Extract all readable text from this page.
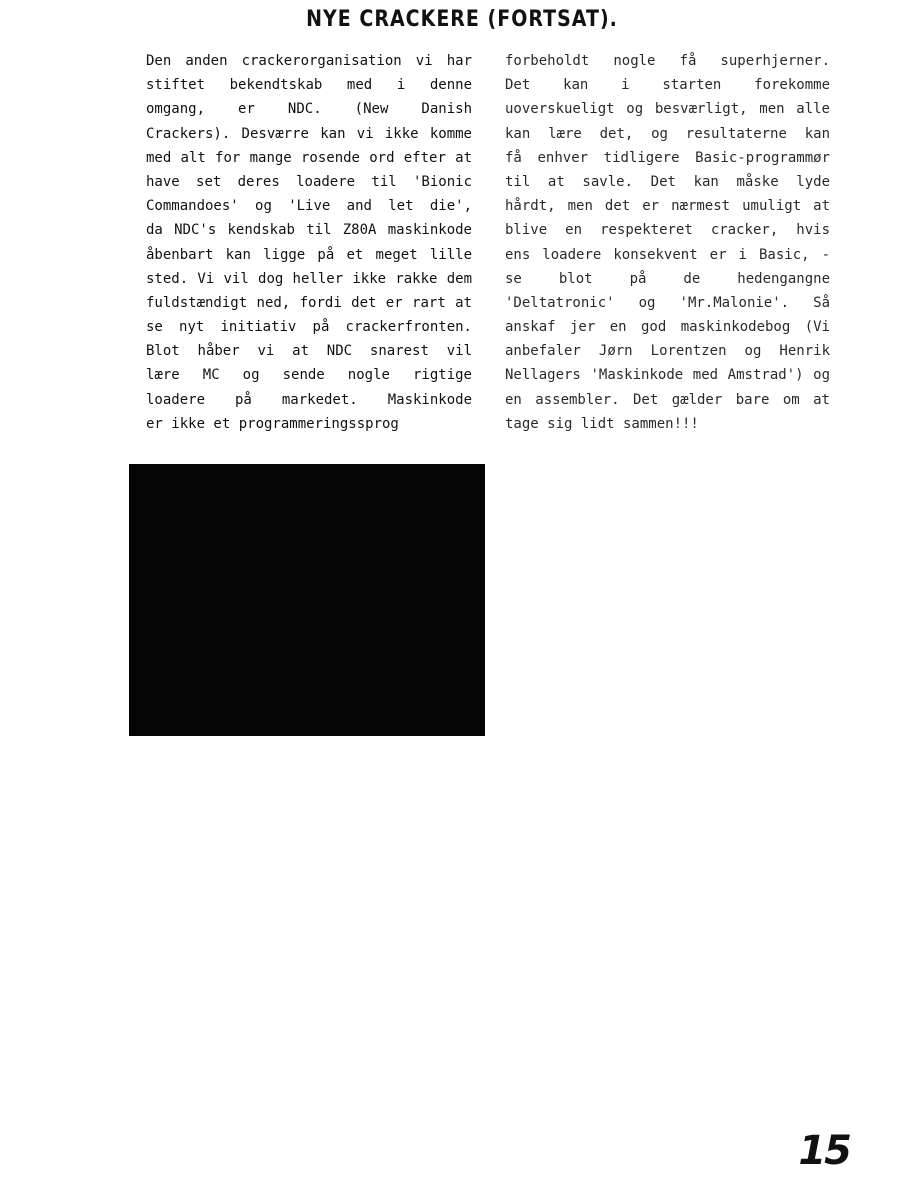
NYE CRACKERE (FORTSAT).
Den anden crackerorganisation vi har
stiftet bekendtskab med i denne
omgang, er NDC. (New Danish
Crackers). Desværre kan vi ikke komme
med alt for mange rosende ord efter at
have set deres loadere til 'Bionic
Commandoes' og 'Live and let die',
da NDC's kendskab til Z80A maskinkode
åbenbart kan ligge på et meget lille
sted. Vi vil dog heller ikke rakke dem
fuldstændigt ned, fordi det er rart at
se nyt initiativ på crackerfronten.
Blot håber vi at NDC snarest vil
lære MC og sende nogle rigtige
loadere på markedet. Maskinkode
er ikke et programmeringssprog
forbeholdt nogle få superhjerner.
Det kan i starten forekomme
uoverskueligt og besværligt, men alle
kan lære det, og resultaterne kan
få enhver tidligere Basic-programmør
til at savle. Det kan måske lyde
hårdt, men det er nærmest umuligt at
blive en respekteret cracker, hvis
ens loadere konsekvent er i Basic, -
se blot på de hedengangne
'Deltatronic' og 'Mr.Malonie'. Så
anskaf jer en god maskinkodebog (Vi
anbefaler Jørn Lorentzen og Henrik
Nellagers 'Maskinkode med Amstrad') og
en assembler. Det gælder bare om at
tage sig lidt sammen!!!
15
